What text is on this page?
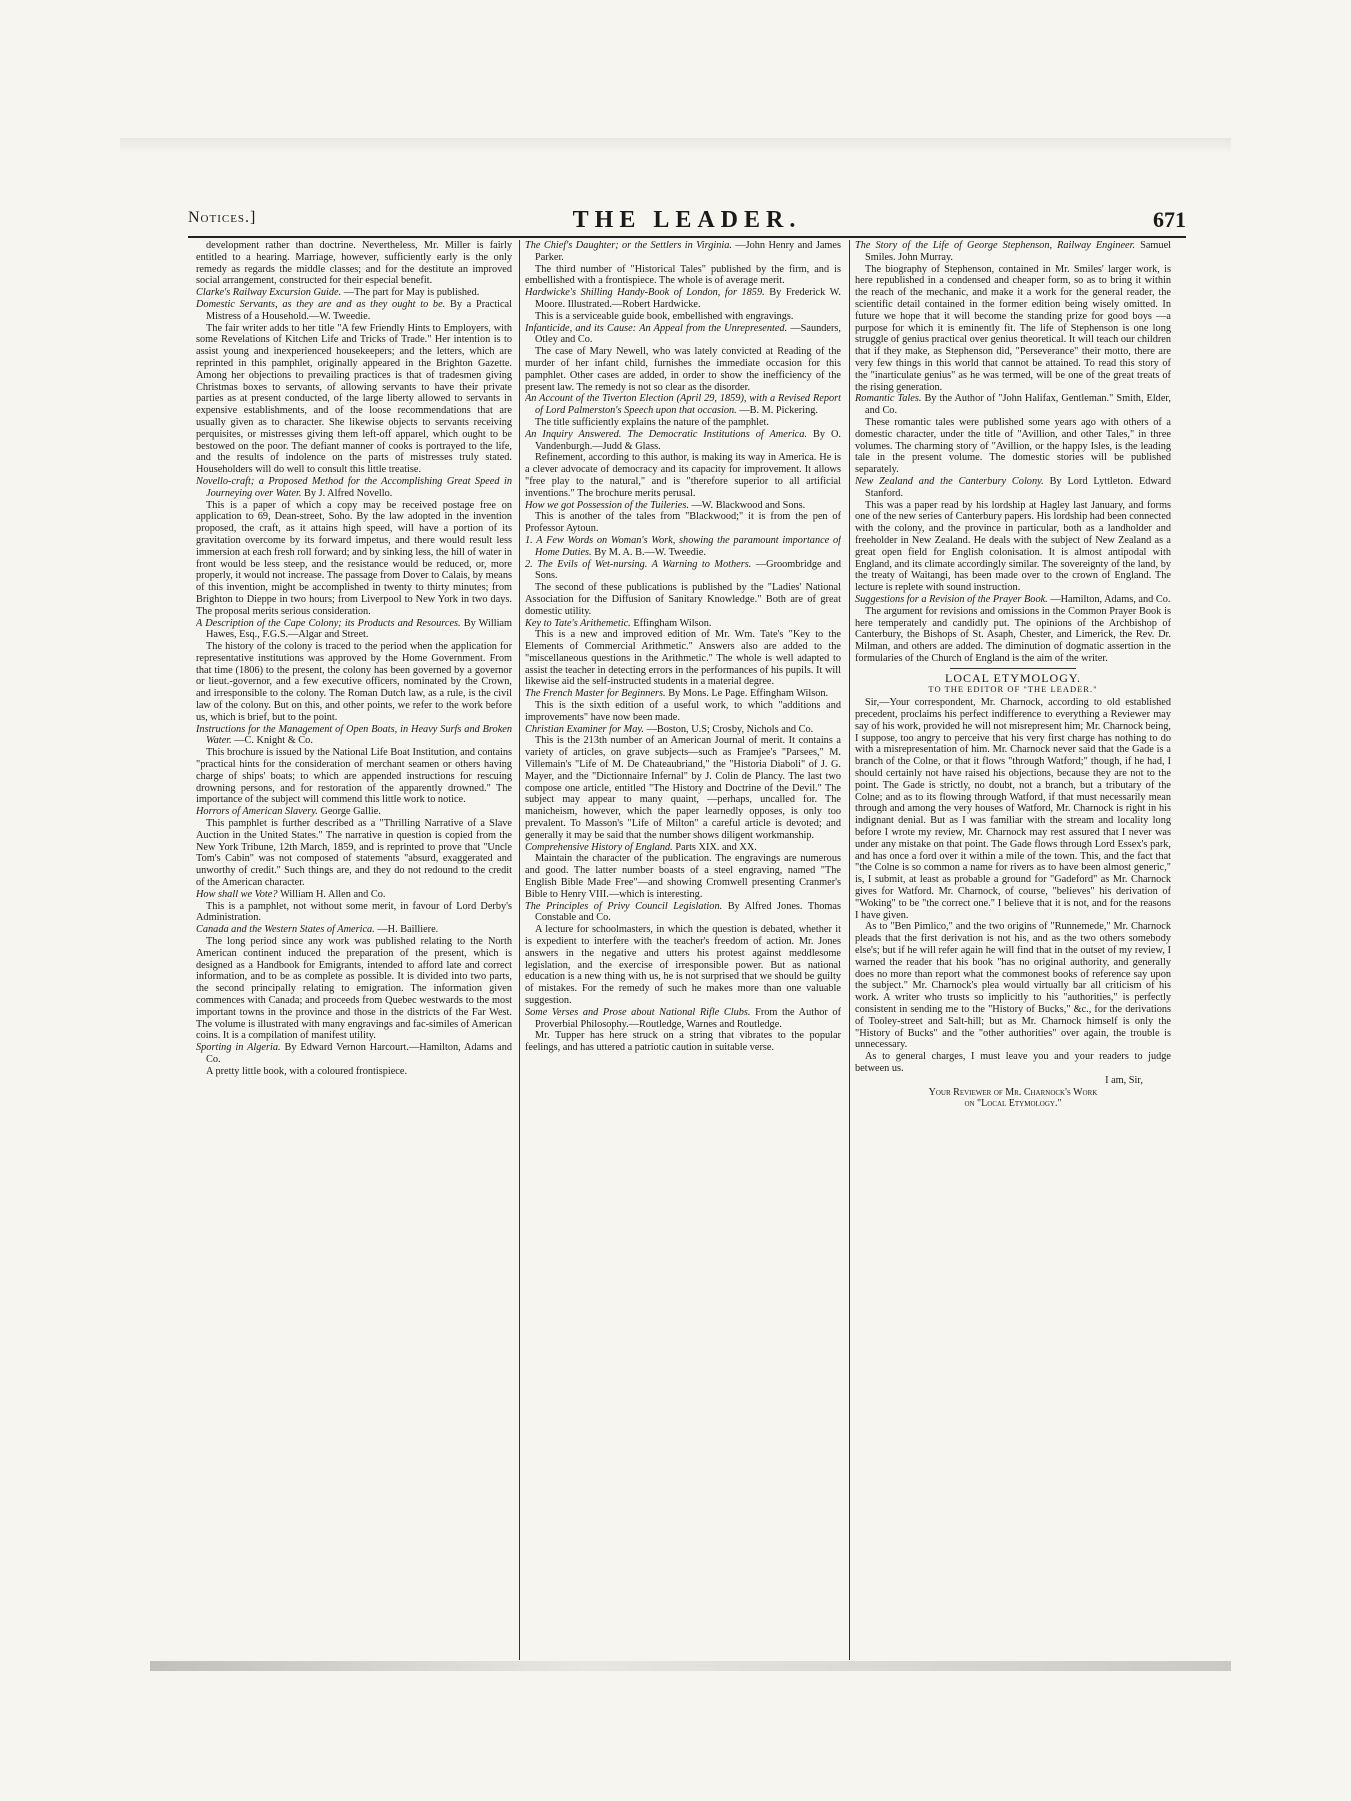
Notices.]	THE LEADER.	671

development rather than doctrine. Nevertheless, Mr. Miller is fairly entitled to a hearing. Marriage, however, sufficiently early is the only remedy as regards the middle classes; and for the destitute an improved social arrangement, constructed for their especial benefit.

Clarke's Railway Excursion Guide. —The part for May is published.

Domestic Servants, as they are and as they ought to be. By a Practical Mistress of a Household.—W. Tweedie.

The fair writer adds to her title "A few Friendly Hints to Employers, with some Revelations of Kitchen Life and Tricks of Trade." Her intention is to assist young and inexperienced housekeepers; and the letters, which are reprinted in this pamphlet, originally appeared in the Brighton Gazette. Among her objections to prevailing practices is that of tradesmen giving Christmas boxes to servants, of allowing servants to have their private parties as at present conducted, of the large liberty allowed to servants in expensive establishments, and of the loose recommendations that are usually given as to character. She likewise objects to servants receiving perquisites, or mistresses giving them left-off apparel, which ought to be bestowed on the poor. The defiant manner of cooks is portrayed to the life, and the results of indolence on the parts of mistresses truly stated. Householders will do well to consult this little treatise.

Novello-craft; a Proposed Method for the Accomplishing Great Speed in Journeying over Water. By J. Alfred Novello.

This is a paper of which a copy may be received postage free on application to 69, Dean-street, Soho. By the law adopted in the invention proposed, the craft, as it attains high speed, will have a portion of its gravitation overcome by its forward impetus, and there would result less immersion at each fresh roll forward; and by sinking less, the hill of water in front would be less steep, and the resistance would be reduced, or, more properly, it would not increase. The passage from Dover to Calais, by means of this invention, might be accomplished in twenty to thirty minutes; from Brighton to Dieppe in two hours; from Liverpool to New York in two days. The proposal merits serious consideration.

A Description of the Cape Colony; its Products and Resources. By William Hawes, Esq., F.G.S.—Algar and Street.

The history of the colony is traced to the period when the application for representative institutions was approved by the Home Government. From that time (1806) to the present, the colony has been governed by a governor or lieut.-governor, and a few executive officers, nominated by the Crown, and irresponsible to the colony. The Roman Dutch law, as a rule, is the civil law of the colony. But on this, and other points, we refer to the work before us, which is brief, but to the point.

Instructions for the Management of Open Boats, in Heavy Surfs and Broken Water. —C. Knight & Co.

This brochure is issued by the National Life Boat Institution, and contains "practical hints for the consideration of merchant seamen or others having charge of ships' boats; to which are appended instructions for rescuing drowning persons, and for restoration of the apparently drowned." The importance of the subject will commend this little work to notice.

Horrors of American Slavery. George Gallie.

This pamphlet is further described as a "Thrilling Narrative of a Slave Auction in the United States." The narrative in question is copied from the New York Tribune, 12th March, 1859, and is reprinted to prove that "Uncle Tom's Cabin" was not composed of statements "absurd, exaggerated and unworthy of credit." Such things are, and they do not redound to the credit of the American character.

How shall we Vote? William H. Allen and Co.

This is a pamphlet, not without some merit, in favour of Lord Derby's Administration.

Canada and the Western States of America. —H. Bailliere.

The long period since any work was published relating to the North American continent induced the preparation of the present, which is designed as a Handbook for Emigrants, intended to afford late and correct information, and to be as complete as possible. It is divided into two parts, the second principally relating to emigration. The information given commences with Canada; and proceeds from Quebec westwards to the most important towns in the province and those in the districts of the Far West. The volume is illustrated with many engravings and fac-similes of American coins. It is a compilation of manifest utility.

Sporting in Algeria. By Edward Vernon Harcourt.—Hamilton, Adams and Co.

A pretty little book, with a coloured frontispiece.

The Chief's Daughter; or the Settlers in Virginia. —John Henry and James Parker.

The third number of "Historical Tales" published by the firm, and is embellished with a frontispiece. The whole is of average merit.

Hardwicke's Shilling Handy-Book of London, for 1859. By Frederick W. Moore. Illustrated.—Robert Hardwicke.

This is a serviceable guide book, embellished with engravings.

Infanticide, and its Cause: An Appeal from the Unrepresented. —Saunders, Otley and Co.

The case of Mary Newell, who was lately convicted at Reading of the murder of her infant child, furnishes the immediate occasion for this pamphlet. Other cases are added, in order to show the inefficiency of the present law. The remedy is not so clear as the disorder.

An Account of the Tiverton Election (April 29, 1859), with a Revised Report of Lord Palmerston's Speech upon that occasion. —B. M. Pickering.

The title sufficiently explains the nature of the pamphlet.

An Inquiry Answered. The Democratic Institutions of America. By O. Vandenburgh.—Judd & Glass.

Refinement, according to this author, is making its way in America. He is a clever advocate of democracy and its capacity for improvement. It allows "free play to the natural," and is "therefore superior to all artificial inventions." The brochure merits perusal.

How we got Possession of the Tuileries. —W. Blackwood and Sons.

This is another of the tales from "Blackwood;" it is from the pen of Professor Aytoun.

1. A Few Words on Woman's Work, showing the paramount importance of Home Duties. By M. A. B.—W. Tweedie.

2. The Evils of Wet-nursing. A Warning to Mothers. —Groombridge and Sons.

The second of these publications is published by the "Ladies' National Association for the Diffusion of Sanitary Knowledge." Both are of great domestic utility.

Key to Tate's Arithemetic. Effingham Wilson.

This is a new and improved edition of Mr. Wm. Tate's "Key to the Elements of Commercial Arithmetic." Answers also are added to the "miscellaneous questions in the Arithmetic." The whole is well adapted to assist the teacher in detecting errors in the performances of his pupils. It will likewise aid the self-instructed students in a material degree.

The French Master for Beginners. By Mons. Le Page. Effingham Wilson.

This is the sixth edition of a useful work, to which "additions and improvements" have now been made.

Christian Examiner for May. —Boston, U.S; Crosby, Nichols and Co.

This is the 213th number of an American Journal of merit. It contains a variety of articles, on grave subjects—such as Framjee's "Parsees," M. Villemain's "Life of M. De Chateaubriand," the "Historia Diaboli" of J. G. Mayer, and the "Dictionnaire Infernal" by J. Colin de Plancy. The last two compose one article, entitled "The History and Doctrine of the Devil." The subject may appear to many quaint, —perhaps, uncalled for. The manicheism, however, which the paper learnedly opposes, is only too prevalent. To Masson's "Life of Milton" a careful article is devoted; and generally it may be said that the number shows diligent workmanship.

Comprehensive History of England. Parts XIX. and XX.

Maintain the character of the publication. The engravings are numerous and good. The latter number boasts of a steel engraving, named "The English Bible Made Free"—and showing Cromwell presenting Cranmer's Bible to Henry VIII.—which is interesting.

The Principles of Privy Council Legislation. By Alfred Jones. Thomas Constable and Co.

A lecture for schoolmasters, in which the question is debated, whether it is expedient to interfere with the teacher's freedom of action. Mr. Jones answers in the negative and utters his protest against meddlesome legislation, and the exercise of irresponsible power. But as national education is a new thing with us, he is not surprised that we should be guilty of mistakes. For the remedy of such he makes more than one valuable suggestion.

Some Verses and Prose about National Rifle Clubs. From the Author of Proverbial Philosophy.—Routledge, Warnes and Routledge.

Mr. Tupper has here struck on a string that vibrates to the popular feelings, and has uttered a patriotic caution in suitable verse.

The Story of the Life of George Stephenson, Railway Engineer. Samuel Smiles. John Murray.

The biography of Stephenson, contained in Mr. Smiles' larger work, is here republished in a condensed and cheaper form, so as to bring it within the reach of the mechanic, and make it a work for the general reader, the scientific detail contained in the former edition being wisely omitted. In future we hope that it will become the standing prize for good boys —a purpose for which it is eminently fit. The life of Stephenson is one long struggle of genius practical over genius theoretical. It will teach our children that if they make, as Stephenson did, "Perseverance" their motto, there are very few things in this world that cannot be attained. To read this story of the "inarticulate genius" as he was termed, will be one of the great treats of the rising generation.

Romantic Tales. By the Author of "John Halifax, Gentleman." Smith, Elder, and Co.

These romantic tales were published some years ago with others of a domestic character, under the title of "Avillion, and other Tales," in three volumes. The charming story of "Avillion, or the happy Isles, is the leading tale in the present volume. The domestic stories will be published separately.

New Zealand and the Canterbury Colony. By Lord Lyttleton. Edward Stanford.

This was a paper read by his lordship at Hagley last January, and forms one of the new series of Canterbury papers. His lordship had been connected with the colony, and the province in particular, both as a landholder and freeholder in New Zealand. He deals with the subject of New Zealand as a great open field for English colonisation. It is almost antipodal with England, and its climate accordingly similar. The sovereignty of the land, by the treaty of Waitangi, has been made over to the crown of England. The lecture is replete with sound instruction.

Suggestions for a Revision of the Prayer Book. —Hamilton, Adams, and Co.

The argument for revisions and omissions in the Common Prayer Book is here temperately and candidly put. The opinions of the Archbishop of Canterbury, the Bishops of St. Asaph, Chester, and Limerick, the Rev. Dr. Milman, and others are added. The diminution of dogmatic assertion in the formularies of the Church of England is the aim of the writer.

LOCAL ETYMOLOGY.

TO THE EDITOR OF "THE LEADER."

Sir,—Your correspondent, Mr. Charnock, according to old established precedent, proclaims his perfect indifference to everything a Reviewer may say of his work, provided he will not misrepresent him; Mr. Charnock being, I suppose, too angry to perceive that his very first charge has nothing to do with a misrepresentation of him. Mr. Charnock never said that the Gade is a branch of the Colne, or that it flows "through Watford;" though, if he had, I should certainly not have raised his objections, because they are not to the point. The Gade is strictly, no doubt, not a branch, but a tributary of the Colne; and as to its flowing through Watford, if that must necessarily mean through and among the very houses of Watford, Mr. Charnock is right in his indignant denial. But as I was familiar with the stream and locality long before I wrote my review, Mr. Charnock may rest assured that I never was under any mistake on that point. The Gade flows through Lord Essex's park, and has once a ford over it within a mile of the town. This, and the fact that "the Colne is so common a name for rivers as to have been almost generic," is, I submit, at least as probable a ground for "Gadeford" as Mr. Charnock gives for Watford. Mr. Charnock, of course, "believes" his derivation of "Woking" to be "the correct one." I believe that it is not, and for the reasons I have given.

As to "Ben Pimlico," and the two origins of "Runnemede," Mr. Charnock pleads that the first derivation is not his, and as the two others somebody else's; but if he will refer again he will find that in the outset of my review, I warned the reader that his book "has no original authority, and generally does no more than report what the commonest books of reference say upon the subject." Mr. Charnock's plea would virtually bar all criticism of his work. A writer who trusts so implicitly to his "authorities," is perfectly consistent in sending me to the "History of Bucks," &c., for the derivations of Tooley-street and Salt-hill; but as Mr. Charnock himself is only the "History of Bucks" and the "other authorities" over again, the trouble is unnecessary.

As to general charges, I must leave you and your readers to judge between us.

I am, Sir,

Your Reviewer of Mr. Charnock's Work

on "Local Etymology."
